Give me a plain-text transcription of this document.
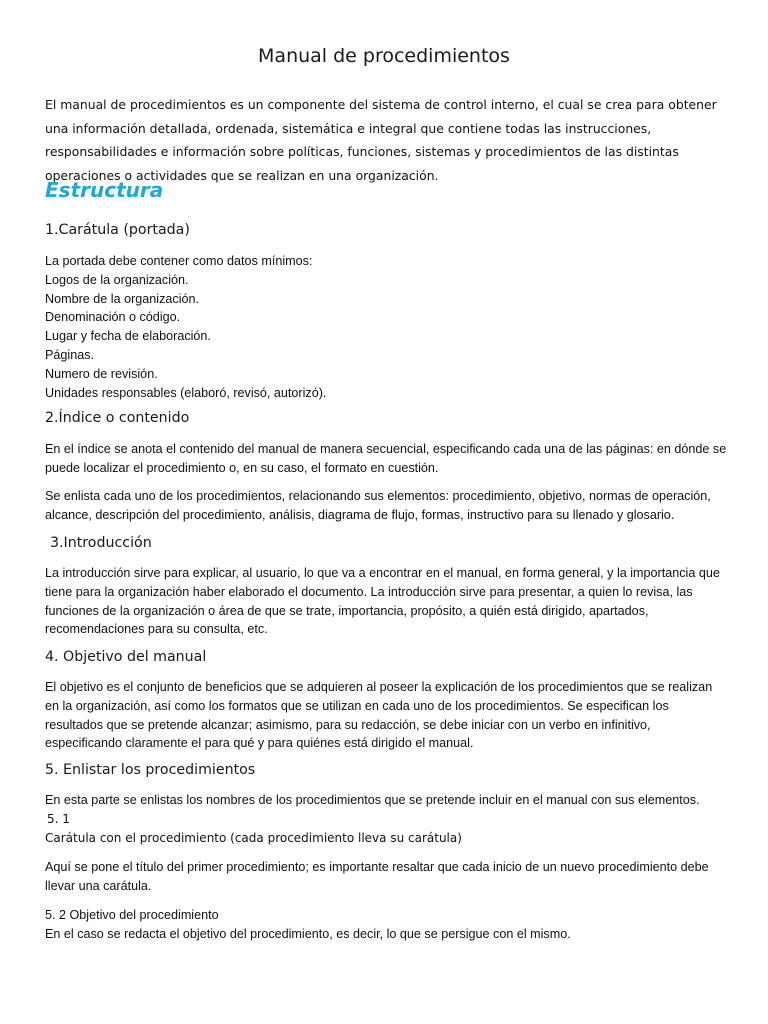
Manual de procedimientos
El manual de procedimientos es un componente del sistema de control interno, el cual se crea para obtener
una información detallada, ordenada, sistemática e integral que contiene todas las instrucciones,
responsabilidades e información sobre políticas, funciones, sistemas y procedimientos de las distintas
operaciones o actividades que se realizan en una organización.
Estructura
1.Carátula (portada)
La portada debe contener como datos mínimos:
Logos de la organización.
Nombre de la organización.
Denominación o código.
Lugar y fecha de elaboración.
Páginas.
Numero de revisión.
Unidades responsables (elaboró, revisó, autorizó).
2.Índice o contenido
En el índice se anota el contenido del manual de manera secuencial, especificando cada una de las páginas: en dónde se
puede localizar el procedimiento o, en su caso, el formato en cuestión.
Se enlista cada uno de los procedimientos, relacionando sus elementos: procedimiento, objetivo, normas de operación,
alcance, descripción del procedimiento, análisis, diagrama de flujo, formas, instructivo para su llenado y glosario.
3.Introducción
La introducción sirve para explicar, al usuario, lo que va a encontrar en el manual, en forma general, y la importancia que
tiene para la organización haber elaborado el documento. La introducción sirve para presentar, a quien lo revisa, las
funciones de la organización o área de que se trate, importancia, propósito, a quién está dirigido, apartados,
recomendaciones para su consulta, etc.
4. Objetivo del manual
El objetivo es el conjunto de beneficios que se adquieren al poseer la explicación de los procedimientos que se realizan
en la organización, así como los formatos que se utilizan en cada uno de los procedimientos. Se especifican los
resultados que se pretende alcanzar; asimismo, para su redacción, se debe iniciar con un verbo en infinitivo,
especificando claramente el para qué y para quiénes está dirigido el manual.
5. Enlistar los procedimientos
En esta parte se enlistas los nombres de los procedimientos que se pretende incluir en el manual con sus elementos.
5. 1
Carátula con el procedimiento (cada procedimiento lleva su carátula)
Aquí se pone el título del primer procedimiento; es importante resaltar que cada inicio de un nuevo procedimiento debe
llevar una carátula.
5. 2 Objetivo del procedimiento
En el caso se redacta el objetivo del procedimiento, es decir, lo que se persigue con el mismo.
